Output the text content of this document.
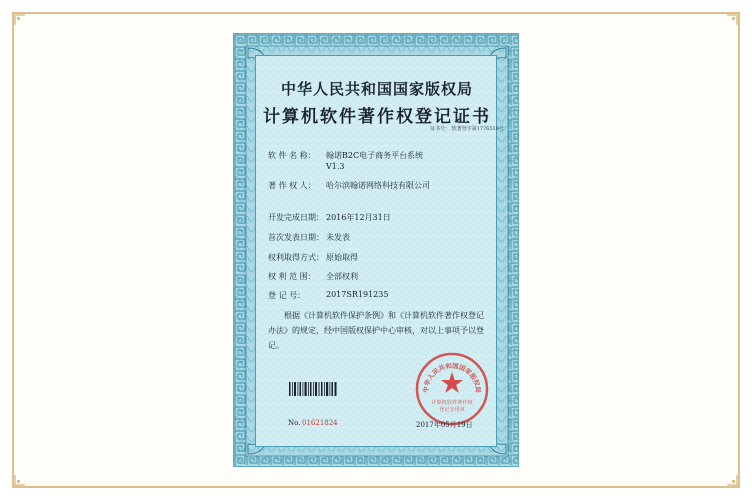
中华人民共和国国家版权局
计算机软件著作权登记证书
证书号： 软著登字第1776519号
软 件 名 称： 翰诺B2C电子商务平台系统
V1.3
著 作 权 人： 哈尔滨翰诺网络科技有限公司
开发完成日期： 2016年12月31日
首次发表日期： 未发表
权利取得方式： 原始取得
权 利 范 围： 全部权利
登 记 号：	2017SR191235
根据《计算机软件保护条例》和《计算机软件著作权登记办法》的规定，经中国版权保护中心审核，对以上事项予以登记。
中华人民共和国国家版权局
计算机软件著作权
登记专用章
No. 01621824	2017年05月19日
